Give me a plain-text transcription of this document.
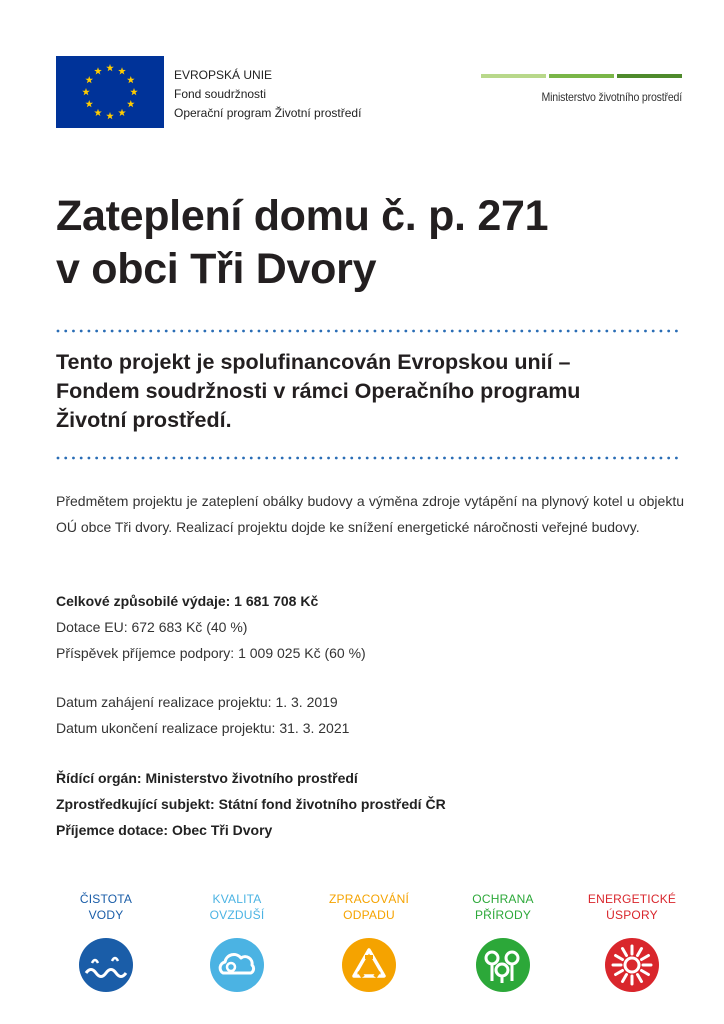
EVROPSKÁ UNIE
Fond soudržnosti
Operační program Životní prostředí
Ministerstvo životního prostředí
Zateplení domu č. p. 271
v obci Tři Dvory
Tento projekt je spolufinancován Evropskou unií –
Fondem soudržnosti v rámci Operačního programu
Životní prostředí.
Předmětem projektu je zateplení obálky budovy a výměna zdroje vytápění na plynový kotel u objektu OÚ obce Tři dvory. Realizací projektu dojde ke snížení energetické náročnosti veřejné budovy.
Celkové způsobilé výdaje: 1 681 708 Kč
Dotace EU: 672 683 Kč (40 %)
Příspěvek příjemce podpory: 1 009 025 Kč (60 %)
Datum zahájení realizace projektu: 1. 3. 2019
Datum ukončení realizace projektu: 31. 3. 2021
Řídící orgán: Ministerstvo životního prostředí
Zprostředkující subjekt: Státní fond životního prostředí ČR
Příjemce dotace: Obec Tři Dvory
ČISTOTA
VODY
KVALITA
OVZDUŠÍ
ZPRACOVÁNÍ
ODPADU
OCHRANA
PŘÍRODY
ENERGETICKÉ
ÚSPORY
